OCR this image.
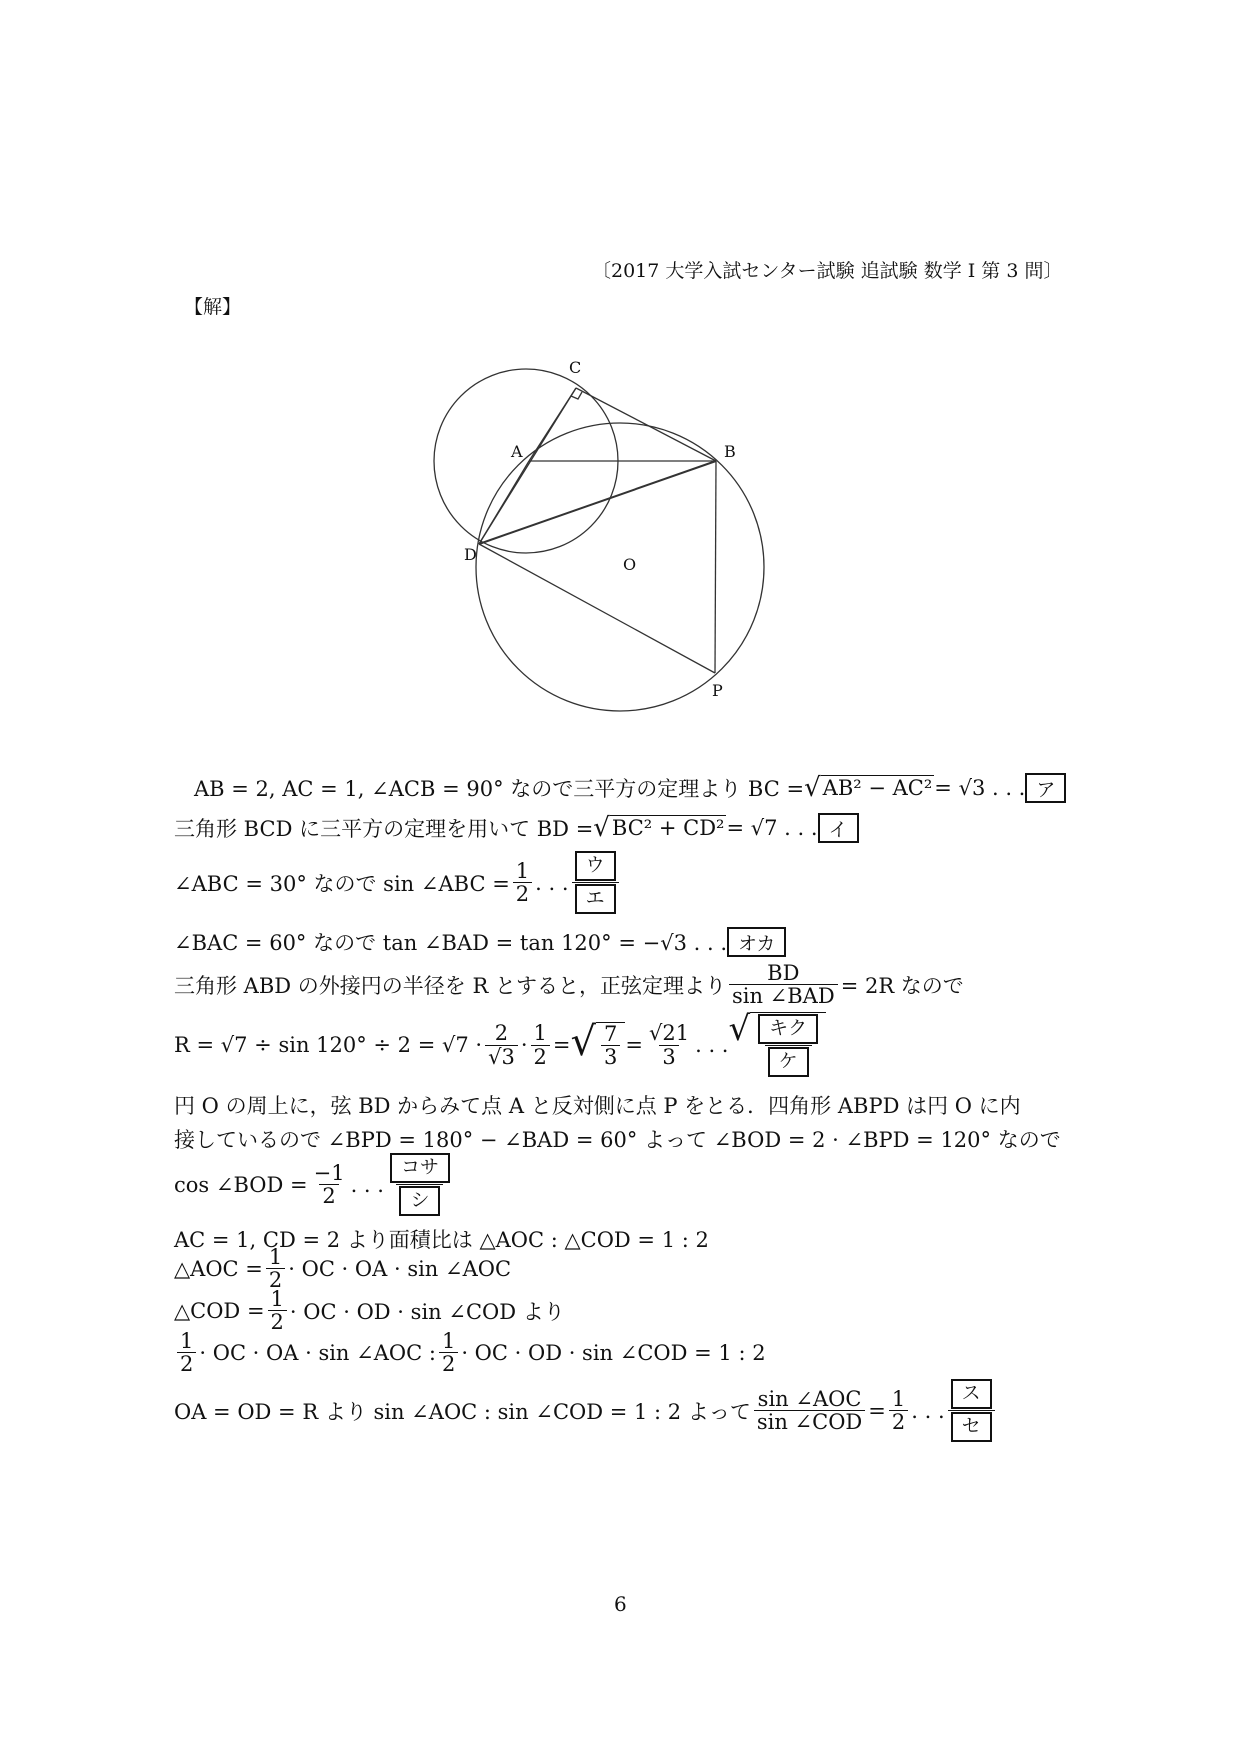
〔2017 大学入試センター試験 追試験 数学 I 第 3 問〕
【解】
C
A	B
D
O
P
AB = 2, AC = 1, ∠ACB = 90° なので三平方の定理より BC = √ AB² − AC² = √3 . . . ア
三角形 BCD に三平方の定理を用いて BD = √ BC² + CD² = √7 . . . イ
∠ABC = 30° なので sin ∠ABC = $\frac{1}{2}$ . . . $\frac{\text{ウ}}{\text{エ}}$
∠BAC = 60° なので tan ∠BAD = tan 120° = −√3 . . . オカ
三角形 ABD の外接円の半径を R とすると，正弦定理より $\frac{BD}{\text{sin ∠BAD}} = 2R$ なので
$R = √7 \div \sin 120^\circ \div 2 = √7 \cdot \frac{2}{√3} \cdot \frac{1}{2}$ = √ $\frac{7}{3} = \frac{√21}{3}$ . . . √ $\frac{\text{キク}}{\text{ケ}}$
円 O の周上に，弦 BD からみて点 A と反対側に点 P をとる．四角形 ABPD は円 O に内
接しているので ∠BPD = 180° − ∠BAD = 60° よって ∠BOD = 2 · ∠BPD = 120° なので
cos ∠BOD = $\frac{-1}{2}$ . . . $\frac{\text{コサ}}{\text{シ}}$
AC = 1, CD = 2 より面積比は △AOC : △COD = 1 : 2
△AOC = $\frac{1}{2}$ · OC · OA · sin ∠AOC
△COD = $\frac{1}{2}$ · OC · OD · sin ∠COD より
$\frac{1}{2}$ · OC · OA · sin ∠AOC : $\frac{1}{2}$ · OC · OD · sin ∠COD = 1 : 2
OA = OD = R より sin ∠AOC : sin ∠COD = 1 : 2 よって $\frac{\text{sin ∠AOC}}{\text{sin ∠COD}} = \frac{1}{2}$ . . . $\frac{\text{ス}}{\text{セ}}$
6
